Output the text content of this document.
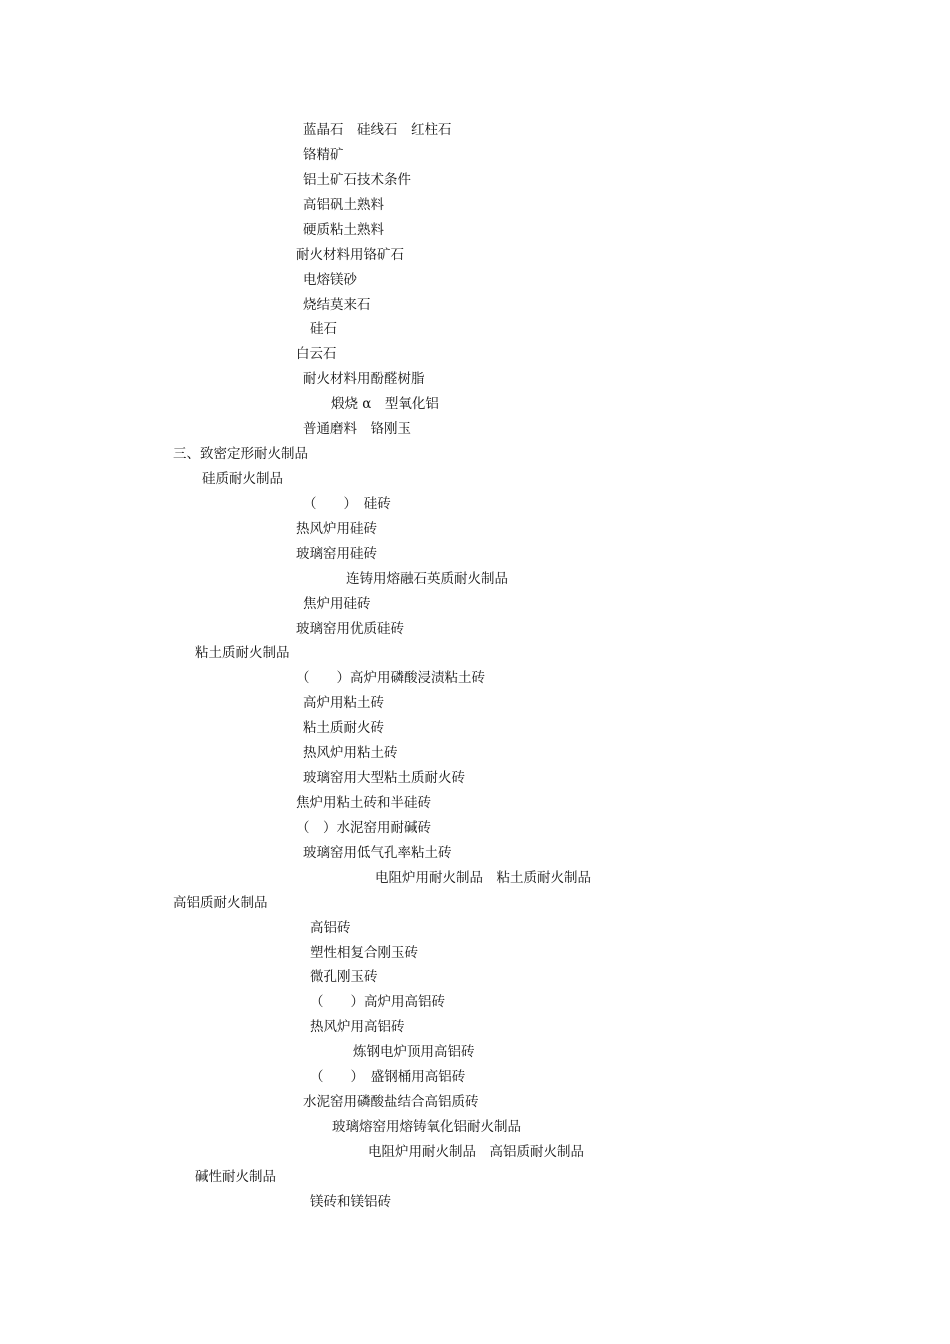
蓝晶石　硅线石　红柱石
铬精矿
铝土矿石技术条件
高铝矾土熟料
硬质粘土熟料
耐火材料用铬矿石
电熔镁砂
烧结莫来石
硅石
白云石
耐火材料用酚醛树脂
煅烧 α　型氧化铝
普通磨料　铬刚玉
三、致密定形耐火制品
硅质耐火制品
（　　）　硅砖
热风炉用硅砖
玻璃窑用硅砖
连铸用熔融石英质耐火制品
焦炉用硅砖
玻璃窑用优质硅砖
粘土质耐火制品
（　　）高炉用磷酸浸渍粘土砖
高炉用粘土砖
粘土质耐火砖
热风炉用粘土砖
玻璃窑用大型粘土质耐火砖
焦炉用粘土砖和半硅砖
（　）水泥窑用耐碱砖
玻璃窑用低气孔率粘土砖
电阻炉用耐火制品　粘土质耐火制品
高铝质耐火制品
高铝砖
塑性相复合刚玉砖
微孔刚玉砖
（　　）高炉用高铝砖
热风炉用高铝砖
炼钢电炉顶用高铝砖
（　　）　盛钢桶用高铝砖
水泥窑用磷酸盐结合高铝质砖
玻璃熔窑用熔铸氧化铝耐火制品
电阻炉用耐火制品　高铝质耐火制品
碱性耐火制品
镁砖和镁铝砖
